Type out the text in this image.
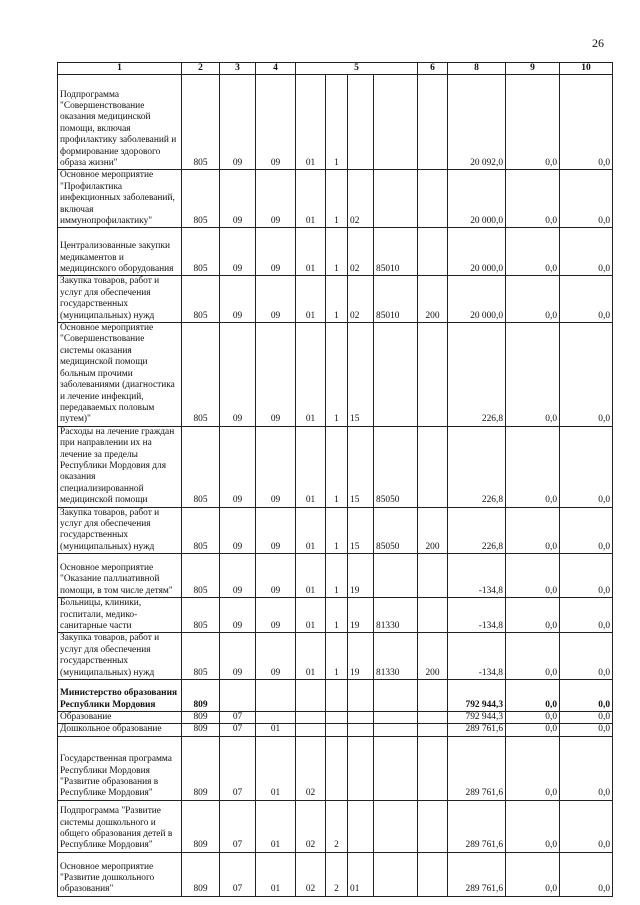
26
1	2	3	4	5				6	8	9	10
Подпрограмма "Совершенствование оказания медицинской помощи, включая профилактику заболеваний и формирование здорового образа жизни"	805	09	09	01	1				20 092,0	0,0	0,0
Основное мероприятие "Профилактика инфекционных заболеваний, включая иммунопрофилактику"	805	09	09	01	1	02			20 000,0	0,0	0,0
Централизованные закупки медикаментов и медицинского оборудования	805	09	09	01	1	02	85010		20 000,0	0,0	0,0
Закупка товаров, работ и услуг для обеспечения государственных (муниципальных) нужд	805	09	09	01	1	02	85010	200	20 000,0	0,0	0,0
Основное мероприятие "Совершенствование системы оказания медицинской помощи больным прочими заболеваниями (диагностика и лечение инфекций, передаваемых половым путем)"	805	09	09	01	1	15			226,8	0,0	0,0
Расходы на лечение граждан при направлении их на лечение за пределы Республики Мордовия для оказания специализированной медицинской помощи	805	09	09	01	1	15	85050		226,8	0,0	0,0
Закупка товаров, работ и услуг для обеспечения государственных (муниципальных) нужд	805	09	09	01	1	15	85050	200	226,8	0,0	0,0
Основное мероприятие "Оказание паллиативной помощи, в том числе детям"	805	09	09	01	1	19			-134,8	0,0	0,0
Больницы, клиники, госпитали, медико-санитарные части	805	09	09	01	1	19	81330		-134,8	0,0	0,0
Закупка товаров, работ и услуг для обеспечения государственных (муниципальных) нужд	805	09	09	01	1	19	81330	200	-134,8	0,0	0,0
Министерство образования Республики Мордовия	809								792 944,3	0,0	0,0
Образование	809	07							792 944,3	0,0	0,0
Дошкольное образование	809	07	01						289 761,6	0,0	0,0
Государственная программа Республики Мордовия "Развитие образования в Республике Мордовия"	809	07	01	02					289 761,6	0,0	0,0
Подпрограмма "Развитие системы дошкольного и общего образования детей в Республике Мордовия"	809	07	01	02	2				289 761,6	0,0	0,0
Основное мероприятие "Развитие дошкольного образования"	809	07	01	02	2	01			289 761,6	0,0	0,0
